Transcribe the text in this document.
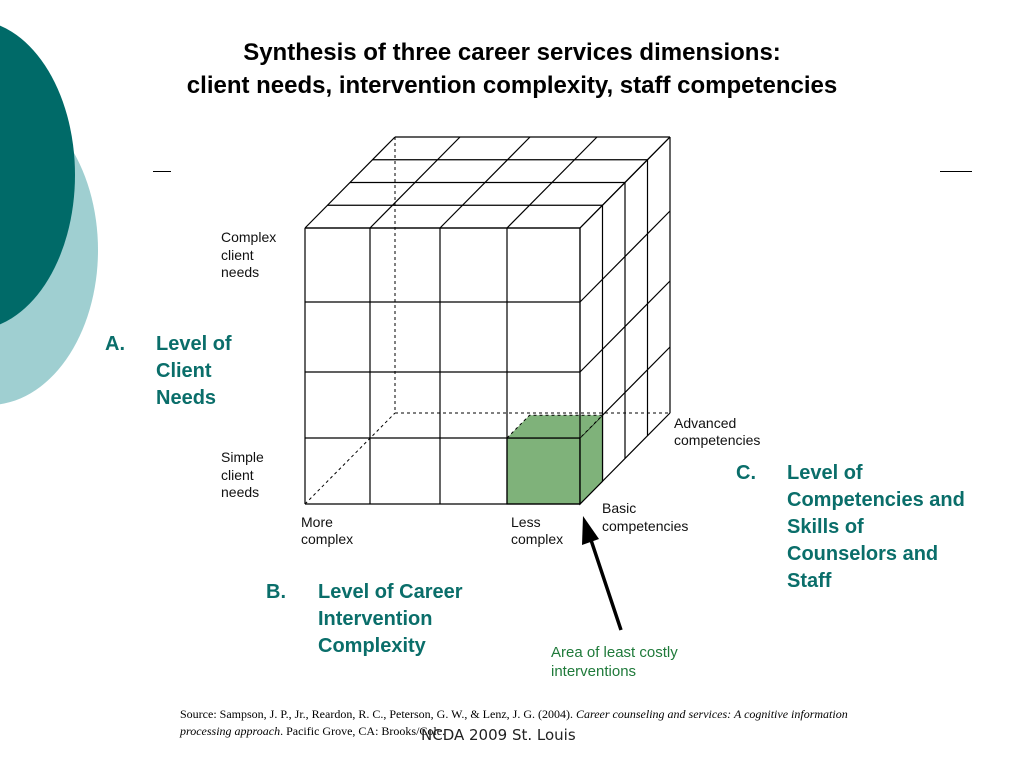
Synthesis of three career services dimensions:
client needs, intervention complexity, staff competencies
Complex client needs
Simple client needs
More complex
Less complex
Basic competencies
Advanced competencies
Area of least costly interventions
A. Level of Client Needs
B. Level of Career Intervention Complexity
C. Level of Competencies and Skills of Counselors and Staff
Source: Sampson, J. P., Jr., Reardon, R. C., Peterson, G. W., & Lenz, J. G. (2004). Career counseling and services: A cognitive information processing approach. Pacific Grove, CA: Brooks/Cole.
NCDA 2009 St. Louis
